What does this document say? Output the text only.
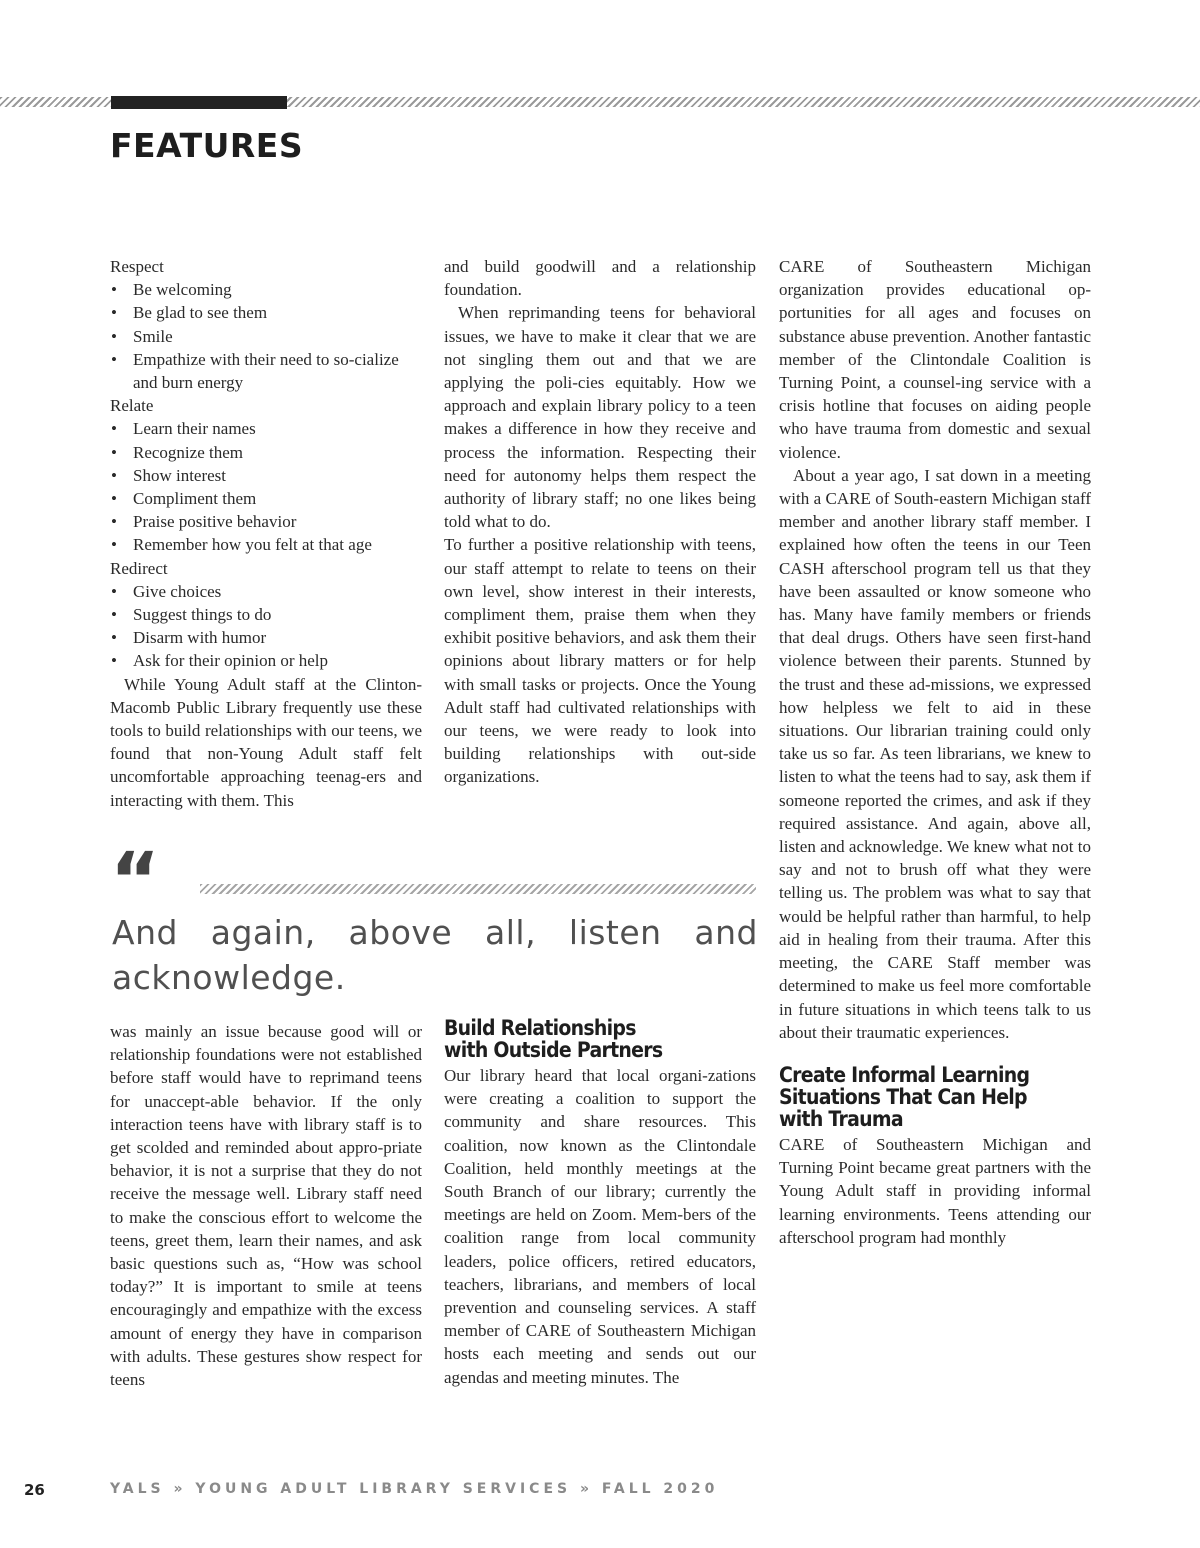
FEATURES

Respect

• Be welcoming
• Be glad to see them
• Smile
• Empathize with their need to so-cialize and burn energy

Relate

• Learn their names
• Recognize them
• Show interest
• Compliment them
• Praise positive behavior
• Remember how you felt at that age

Redirect

• Give choices
• Suggest things to do
• Disarm with humor
• Ask for their opinion or help

While Young Adult staff at the Clinton-Macomb Public Library frequently use these tools to build relationships with our teens, we found that non-Young Adult staff felt uncomfortable approaching teenag-ers and interacting with them. This

and build goodwill and a relationship foundation.

When reprimanding teens for behavioral issues, we have to make it clear that we are not singling them out and that we are applying the poli-cies equitably. How we approach and explain library policy to a teen makes a difference in how they receive and process the information. Respecting their need for autonomy helps them respect the authority of library staff; no one likes being told what to do.

To further a positive relationship with teens, our staff attempt to relate to teens on their own level, show interest in their interests, compliment them, praise them when they exhibit positive behaviors, and ask them their opinions about library matters or for help with small tasks or projects. Once the Young Adult staff had cultivated relationships with our teens, we were ready to look into building relationships with out-side organizations.

“

And again, above all, listen and acknowledge.

was mainly an issue because good will or relationship foundations were not established before staff would have to reprimand teens for unaccept-able behavior. If the only interaction teens have with library staff is to get scolded and reminded about appro-priate behavior, it is not a surprise that they do not receive the message well. Library staff need to make the conscious effort to welcome the teens, greet them, learn their names, and ask basic questions such as, “How was school today?” It is important to smile at teens encouragingly and empathize with the excess amount of energy they have in comparison with adults. These gestures show respect for teens

Build Relationships with Outside Partners

Our library heard that local organi-zations were creating a coalition to support the community and share resources. This coalition, now known as the Clintondale Coalition, held monthly meetings at the South Branch of our library; currently the meetings are held on Zoom. Mem-bers of the coalition range from local community leaders, police officers, retired educators, teachers, librarians, and members of local prevention and counseling services. A staff member of CARE of Southeastern Michigan hosts each meeting and sends out our agendas and meeting minutes. The

CARE of Southeastern Michigan organization provides educational op-portunities for all ages and focuses on substance abuse prevention. Another fantastic member of the Clintondale Coalition is Turning Point, a counsel-ing service with a crisis hotline that focuses on aiding people who have trauma from domestic and sexual violence.

About a year ago, I sat down in a meeting with a CARE of South-eastern Michigan staff member and another library staff member. I explained how often the teens in our Teen CASH afterschool program tell us that they have been assaulted or know someone who has. Many have family members or friends that deal drugs. Others have seen first-hand violence between their parents. Stunned by the trust and these ad-missions, we expressed how helpless we felt to aid in these situations. Our librarian training could only take us so far. As teen librarians, we knew to listen to what the teens had to say, ask them if someone reported the crimes, and ask if they required assistance. And again, above all, listen and acknowledge. We knew what not to say and not to brush off what they were telling us. The problem was what to say that would be helpful rather than harmful, to help aid in healing from their trauma. After this meeting, the CARE Staff member was determined to make us feel more comfortable in future situations in which teens talk to us about their traumatic experiences.

Create Informal Learning Situations That Can Help with Trauma

CARE of Southeastern Michigan and Turning Point became great partners with the Young Adult staff in providing informal learning environments. Teens attending our afterschool program had monthly

26	YALS » YOUNG ADULT LIBRARY SERVICES » FALL 2020
